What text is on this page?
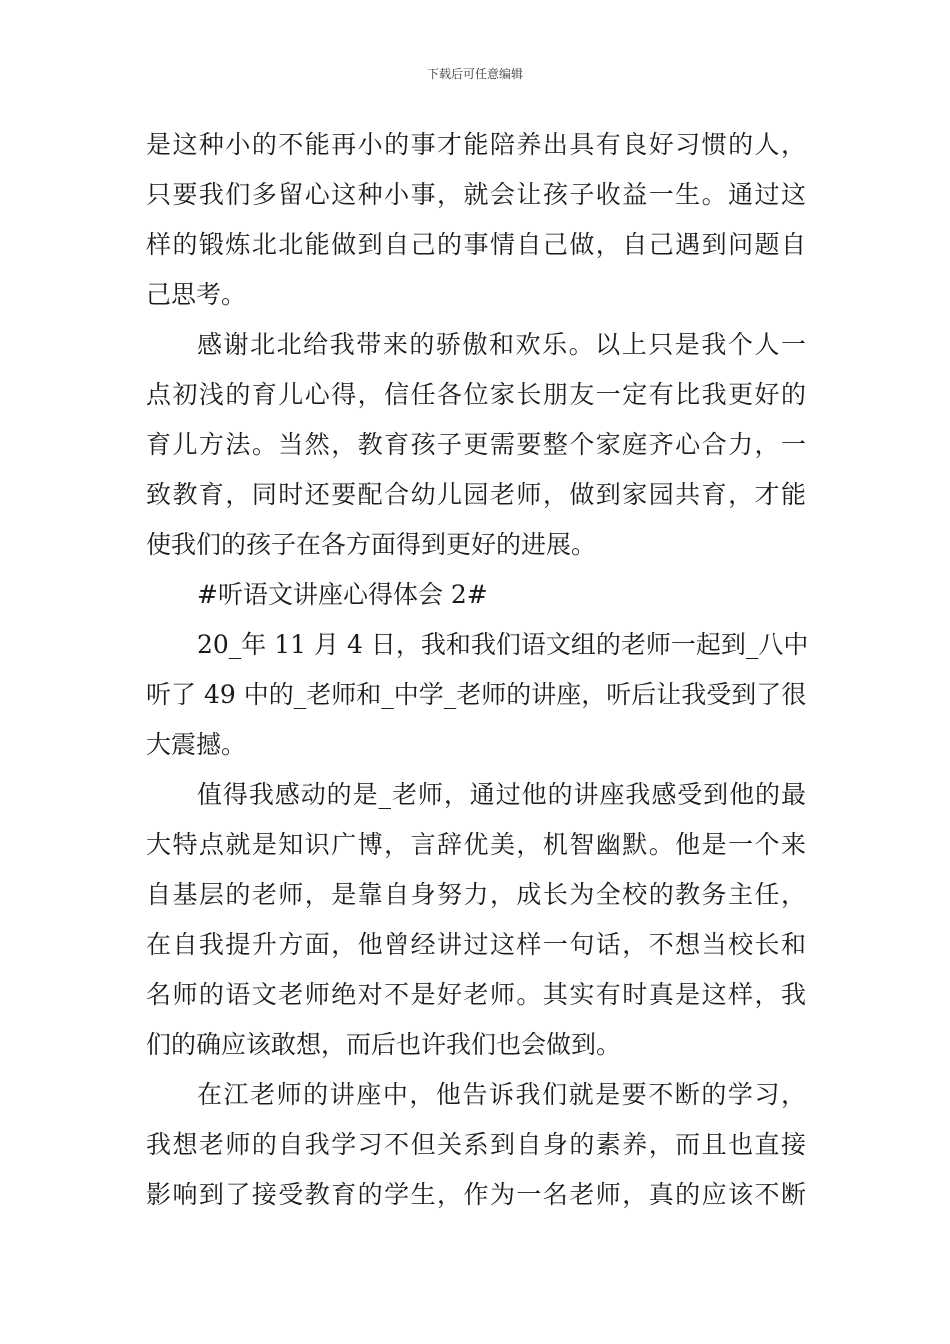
下载后可任意编辑
是这种小的不能再小的事才能陪养出具有良好习惯的人，
只要我们多留心这种小事，就会让孩子收益一生。通过这
样的锻炼北北能做到自己的事情自己做，自己遇到问题自
己思考。
感谢北北给我带来的骄傲和欢乐。以上只是我个人一
点初浅的育儿心得，信任各位家长朋友一定有比我更好的
育儿方法。当然，教育孩子更需要整个家庭齐心合力，一
致教育，同时还要配合幼儿园老师，做到家园共育，才能
使我们的孩子在各方面得到更好的进展。
#听语文讲座心得体会 2#
20_年 11 月 4 日，我和我们语文组的老师一起到_八中
听了 49 中的_老师和_中学_老师的讲座，听后让我受到了很
大震撼。
值得我感动的是_老师，通过他的讲座我感受到他的最
大特点就是知识广博，言辞优美，机智幽默。他是一个来
自基层的老师，是靠自身努力，成长为全校的教务主任，
在自我提升方面，他曾经讲过这样一句话，不想当校长和
名师的语文老师绝对不是好老师。其实有时真是这样，我
们的确应该敢想，而后也许我们也会做到。
在江老师的讲座中，他告诉我们就是要不断的学习，
我想老师的自我学习不但关系到自身的素养，而且也直接
影响到了接受教育的学生，作为一名老师，真的应该不断
